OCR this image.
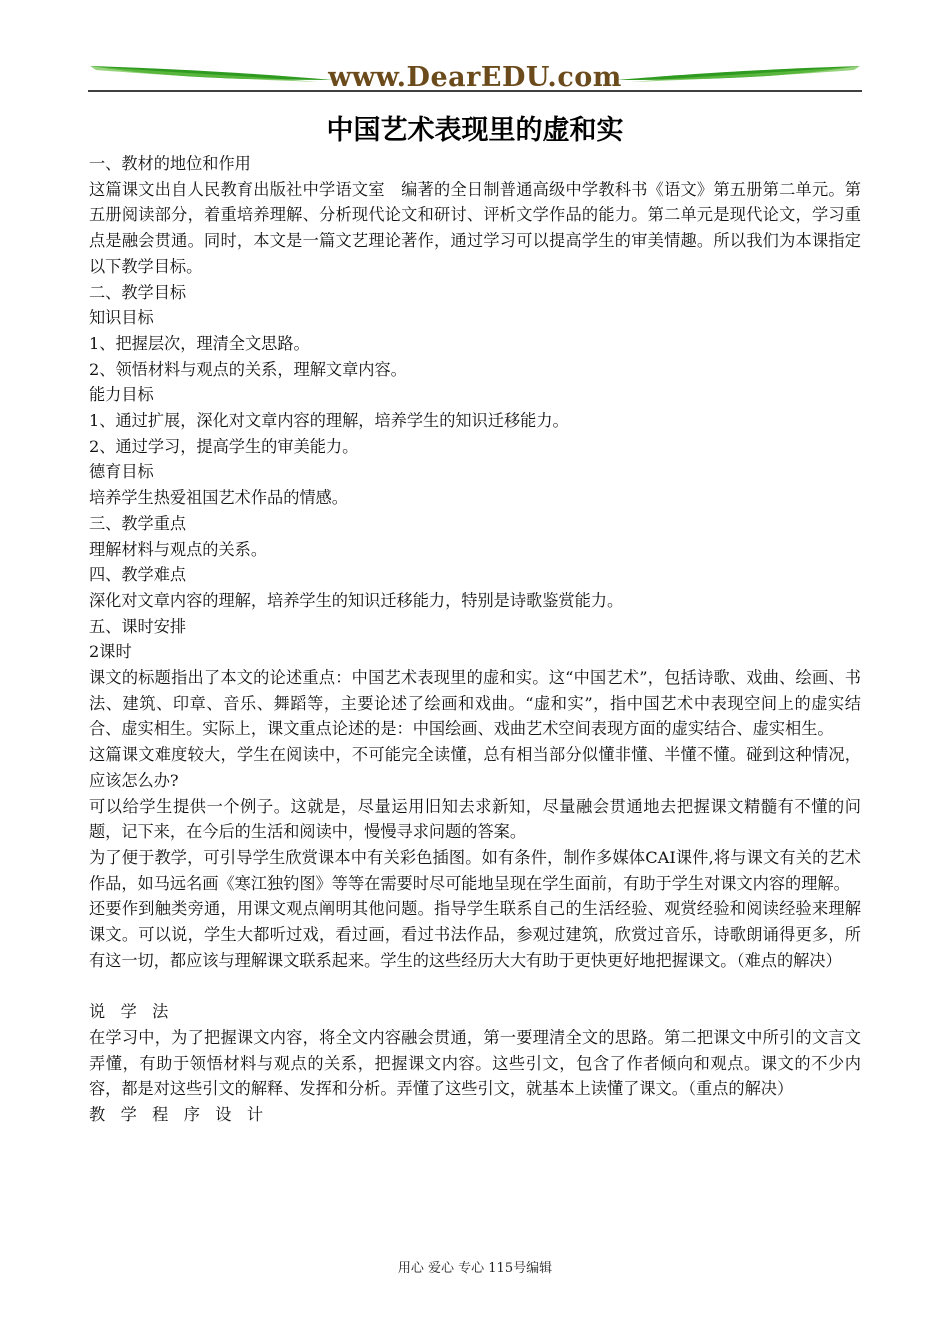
www.DearEDU.com
中国艺术表现里的虚和实

一、教材的地位和作用

这篇课文出自人民教育出版社中学语文室　编著的全日制普通高级中学教科书《语文》第五册第二单元。第五册阅读部分，着重培养理解、分析现代论文和研讨、评析文学作品的能力。第二单元是现代论文，学习重点是融会贯通。同时，本文是一篇文艺理论著作，通过学习可以提高学生的审美情趣。所以我们为本课指定以下教学目标。

二、教学目标

知识目标

1、把握层次，理清全文思路。

2、领悟材料与观点的关系，理解文章内容。

能力目标

1、通过扩展，深化对文章内容的理解，培养学生的知识迁移能力。

2、通过学习，提高学生的审美能力。

德育目标

培养学生热爱祖国艺术作品的情感。

三、教学重点

理解材料与观点的关系。

四、教学难点

深化对文章内容的理解，培养学生的知识迁移能力，特别是诗歌鉴赏能力。

五、课时安排

2课时

课文的标题指出了本文的论述重点：中国艺术表现里的虚和实。这“中国艺术”，包括诗歌、戏曲、绘画、书法、建筑、印章、音乐、舞蹈等，主要论述了绘画和戏曲。“虚和实”，指中国艺术中表现空间上的虚实结合、虚实相生。实际上，课文重点论述的是：中国绘画、戏曲艺术空间表现方面的虚实结合、虚实相生。

这篇课文难度较大，学生在阅读中，不可能完全读懂，总有相当部分似懂非懂、半懂不懂。碰到这种情况，应该怎么办?

可以给学生提供一个例子。这就是，尽量运用旧知去求新知，尽量融会贯通地去把握课文精髓有不懂的问题，记下来，在今后的生活和阅读中，慢慢寻求问题的答案。

为了便于教学，可引导学生欣赏课本中有关彩色插图。如有条件，制作多媒体CAI课件,将与课文有关的艺术作品，如马远名画《寒江独钓图》等等在需要时尽可能地呈现在学生面前，有助于学生对课文内容的理解。

还要作到触类旁通，用课文观点阐明其他问题。指导学生联系自己的生活经验、观赏经验和阅读经验来理解课文。可以说，学生大都听过戏，看过画，看过书法作品，参观过建筑，欣赏过音乐，诗歌朗诵得更多，所有这一切，都应该与理解课文联系起来。学生的这些经历大大有助于更快更好地把握课文。（难点的解决）

说学法

在学习中，为了把握课文内容，将全文内容融会贯通，第一要理清全文的思路。第二把课文中所引的文言文弄懂，有助于领悟材料与观点的关系，把握课文内容。这些引文，包含了作者倾向和观点。课文的不少内容，都是对这些引文的解释、发挥和分析。弄懂了这些引文，就基本上读懂了课文。（重点的解决）

教学程序设计

用心 爱心 专心 115号编辑
